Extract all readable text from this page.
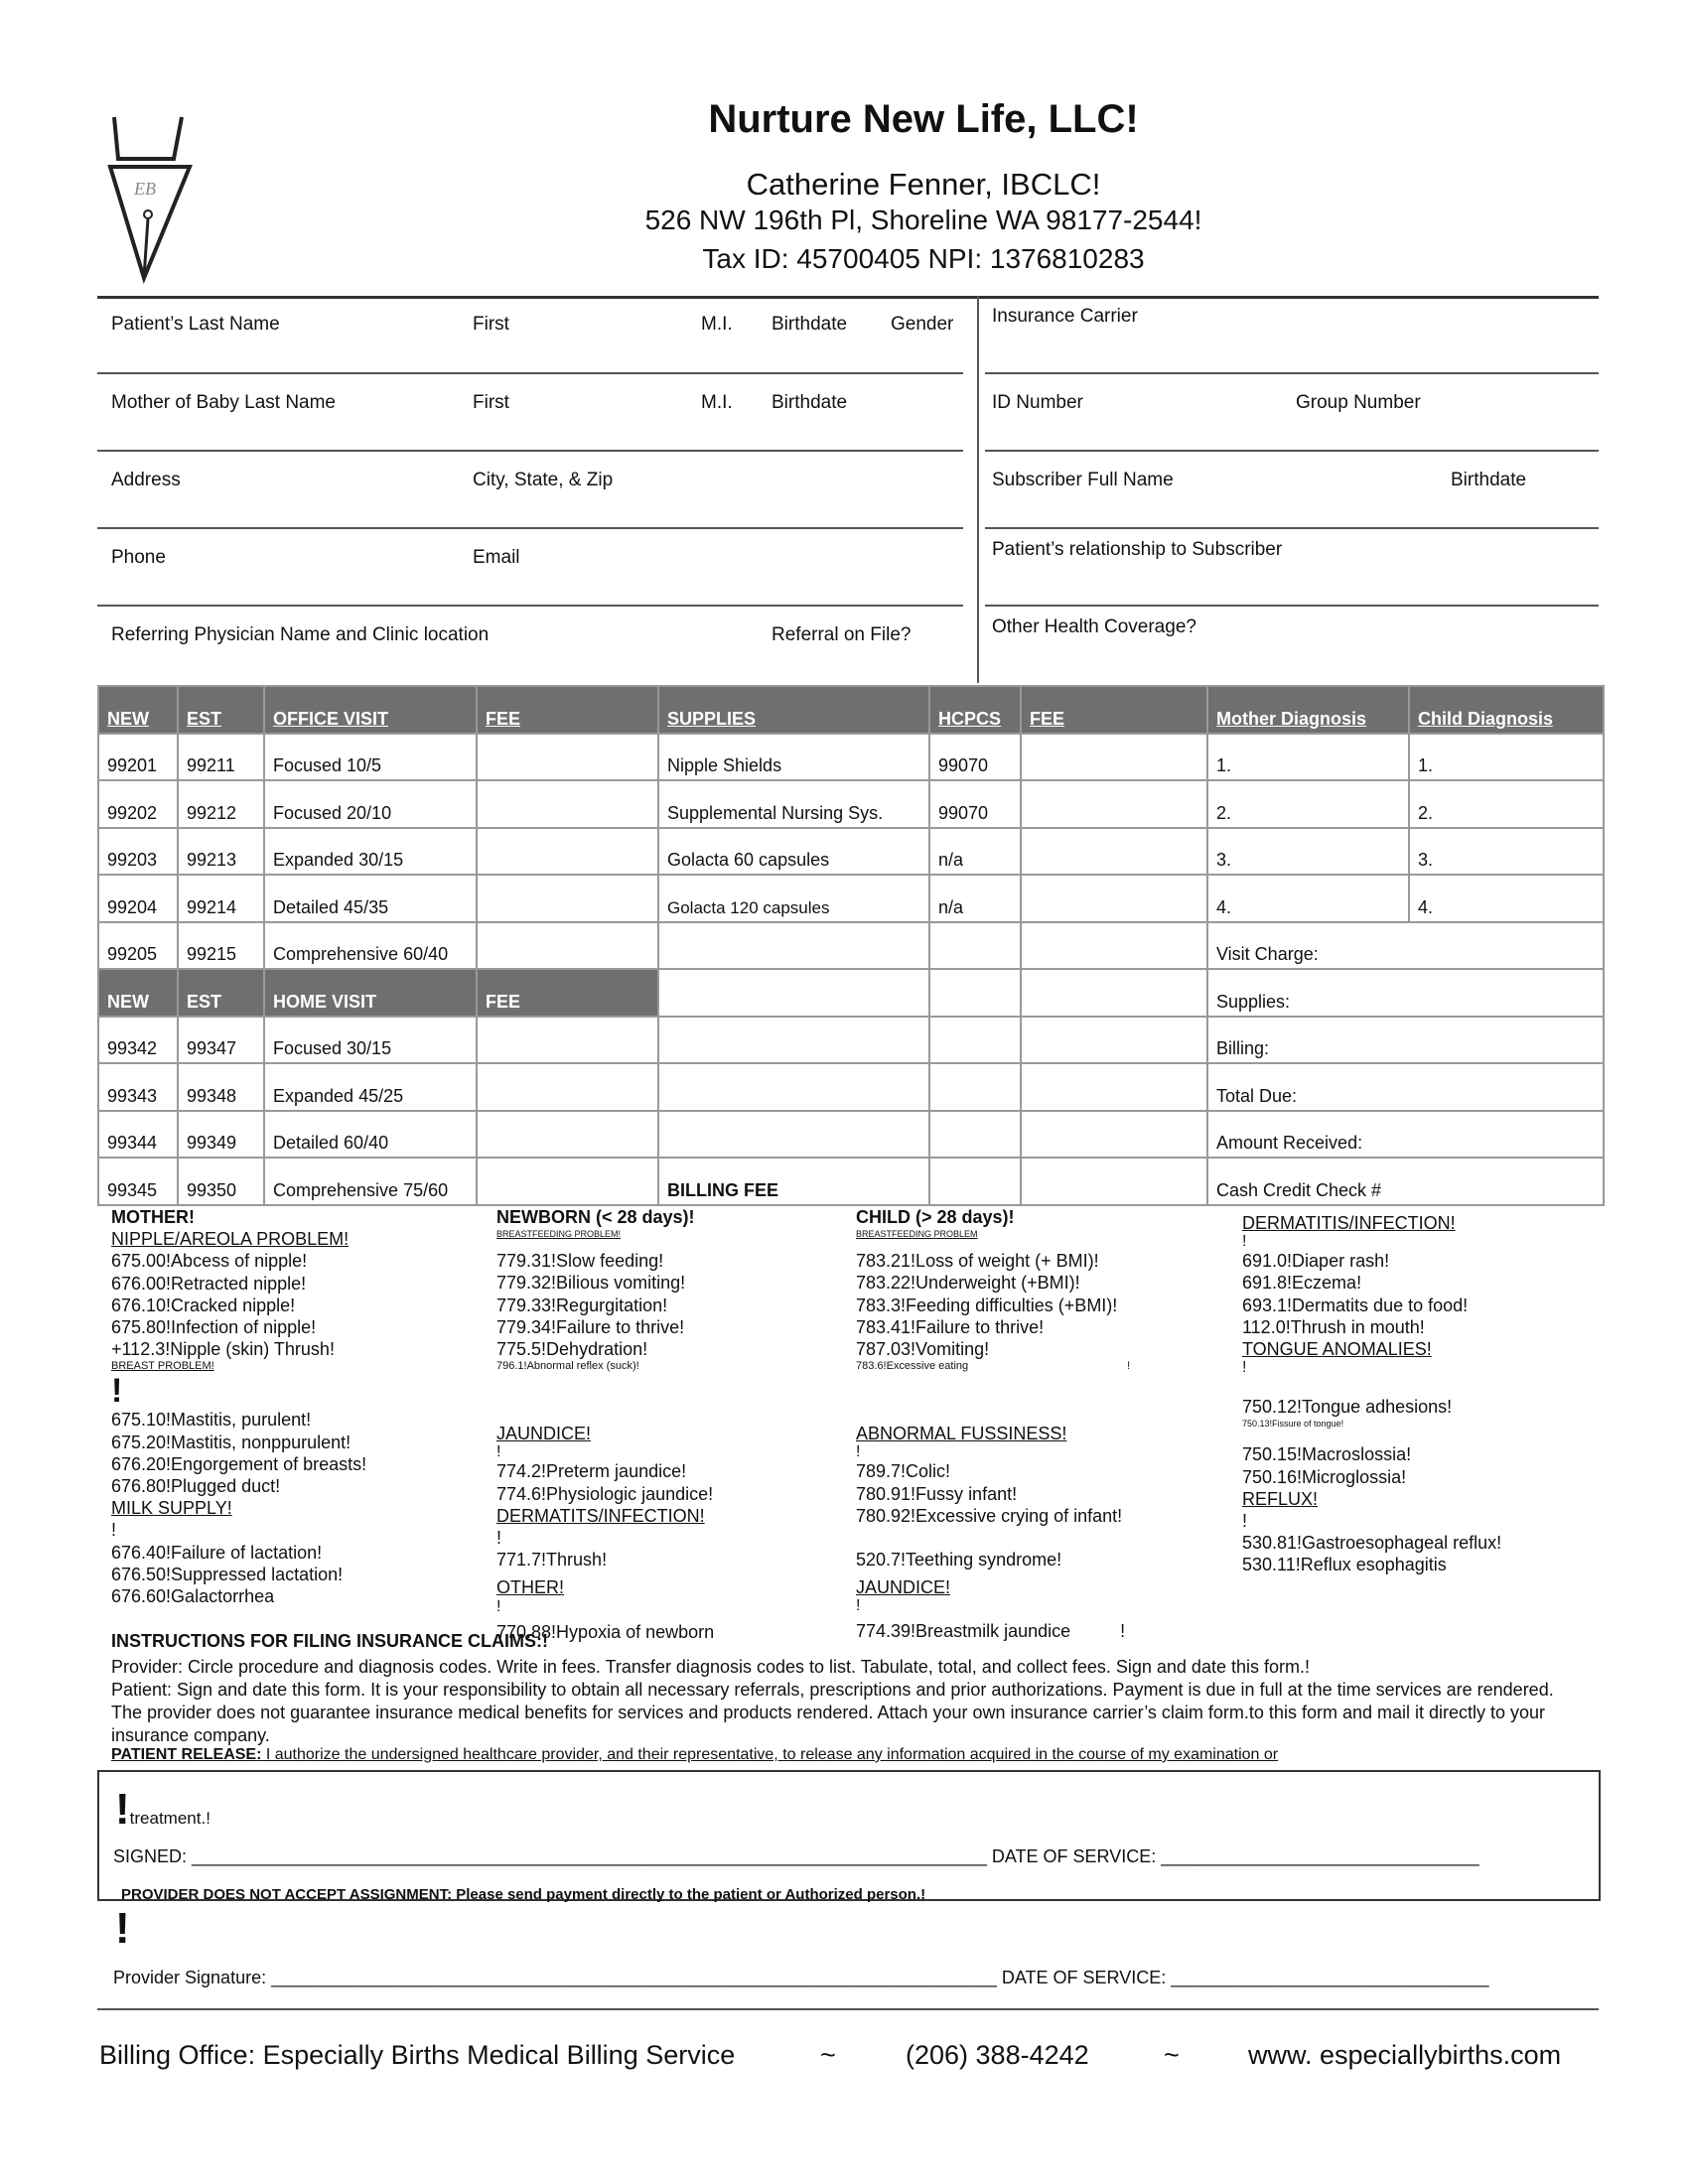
EB
Nurture New Life, LLC!
Catherine Fenner, IBCLC!
526 NW 196th Pl, Shoreline WA 98177-2544!
Tax ID: 45700405 NPI: 1376810283
Patient’s Last Name	First	M.I. Birthdate Gender
Mother of Baby Last Name	First	M.I. Birthdate
Address	City, State, & Zip
Phone	Email
Referring Physician Name and Clinic location	Referral on File?
Insurance Carrier
ID Number	Group Number
Subscriber Full Name	Birthdate
Patient’s relationship to Subscriber
Other Health Coverage?
NEW	EST	OFFICE VISIT	FEE	SUPPLIES	HCPCS	FEE	Mother Diagnosis	Child Diagnosis
99201	99211	Focused 10/5		Nipple Shields	99070		1.	1.
99202	99212	Focused 20/10		Supplemental Nursing Sys.	99070		2.	2.
99203	99213	Expanded 30/15		Golacta 60 capsules	n/a		3.	3.
99204	99214	Detailed 45/35		Golacta 120 capsules	n/a		4.	4.
99205	99215	Comprehensive 60/40					Visit Charge:	
NEW	EST	HOME VISIT	FEE				Supplies:	
99342	99347	Focused 30/15					Billing:	
99343	99348	Expanded 45/25					Total Due:	
99344	99349	Detailed 60/40					Amount Received:	
99345	99350	Comprehensive 75/60		BILLING FEE			Cash Credit Check #	
MOTHER!
NIPPLE/AREOLA PROBLEM!
675.00!Abcess of nipple!
676.00!Retracted nipple!
676.10!Cracked nipple!
675.80!Infection of nipple!
+112.3!Nipple (skin) Thrush!
BREAST PROBLEM!
!
675.10!Mastitis, purulent!
675.20!Mastitis, nonppurulent!
676.20!Engorgement of breasts!
676.80!Plugged duct!
MILK SUPPLY!
!
676.40!Failure of lactation!
676.50!Suppressed lactation!
676.60!Galactorrhea
NEWBORN (< 28 days)!
BREASTFEEDING PROBLEM!
779.31!Slow feeding!
779.32!Bilious vomiting!
779.33!Regurgitation!
779.34!Failure to thrive!
775.5!Dehydration!
796.1!Abnormal reflex (suck)!
JAUNDICE!
!
774.2!Preterm jaundice!
774.6!Physiologic jaundice!
DERMATITS/INFECTION!
!
771.7!Thrush!
OTHER!
!
770.88!Hypoxia of newborn
CHILD (> 28 days)!
BREASTFEEDING PROBLEM
783.21!Loss of weight (+ BMI)!
783.22!Underweight (+BMI)!
783.3!Feeding difficulties (+BMI)!
783.41!Failure to thrive!
787.03!Vomiting!
783.6!Excessive eating	!
ABNORMAL FUSSINESS!
!
789.7!Colic!
780.91!Fussy infant!
780.92!Excessive crying of infant!
520.7!Teething syndrome!
JAUNDICE!
!
774.39!Breastmilk jaundice	!
DERMATITIS/INFECTION!
!
691.0!Diaper rash!
691.8!Eczema!
693.1!Dermatits due to food!
112.0!Thrush in mouth!
TONGUE ANOMALIES!
!
750.12!Tongue adhesions!
750.13!Fissure of tongue!
750.15!Macroslossia!
750.16!Microglossia!
REFLUX!
!
530.81!Gastroesophageal reflux!
530.11!Reflux esophagitis
INSTRUCTIONS FOR FILING INSURANCE CLAIMS:!
Provider: Circle procedure and diagnosis codes. Write in fees. Transfer diagnosis codes to list. Tabulate, total, and collect fees. Sign and date this form.!
Patient: Sign and date this form. It is your responsibility to obtain all necessary referrals, prescriptions and prior authorizations. Payment is due in full at the time services are rendered. The provider does not guarantee insurance medical benefits for services and products rendered. Attach your own insurance carrier’s claim form.to this form and mail it directly to your insurance company.
PATIENT RELEASE: I authorize the undersigned healthcare provider, and their representative, to release any information acquired in the course of my examination or
!treatment.!
SIGNED: ________________________________________________________________________________ DATE OF SERVICE: ________________________________
PROVIDER DOES NOT ACCEPT ASSIGNMENT: Please send payment directly to the patient or Authorized person.!
!
Provider Signature: _________________________________________________________________________ DATE OF SERVICE: ________________________________
Billing Office: Especially Births Medical Billing Service	~	(206) 388-4242	~	www. especiallybirths.com
